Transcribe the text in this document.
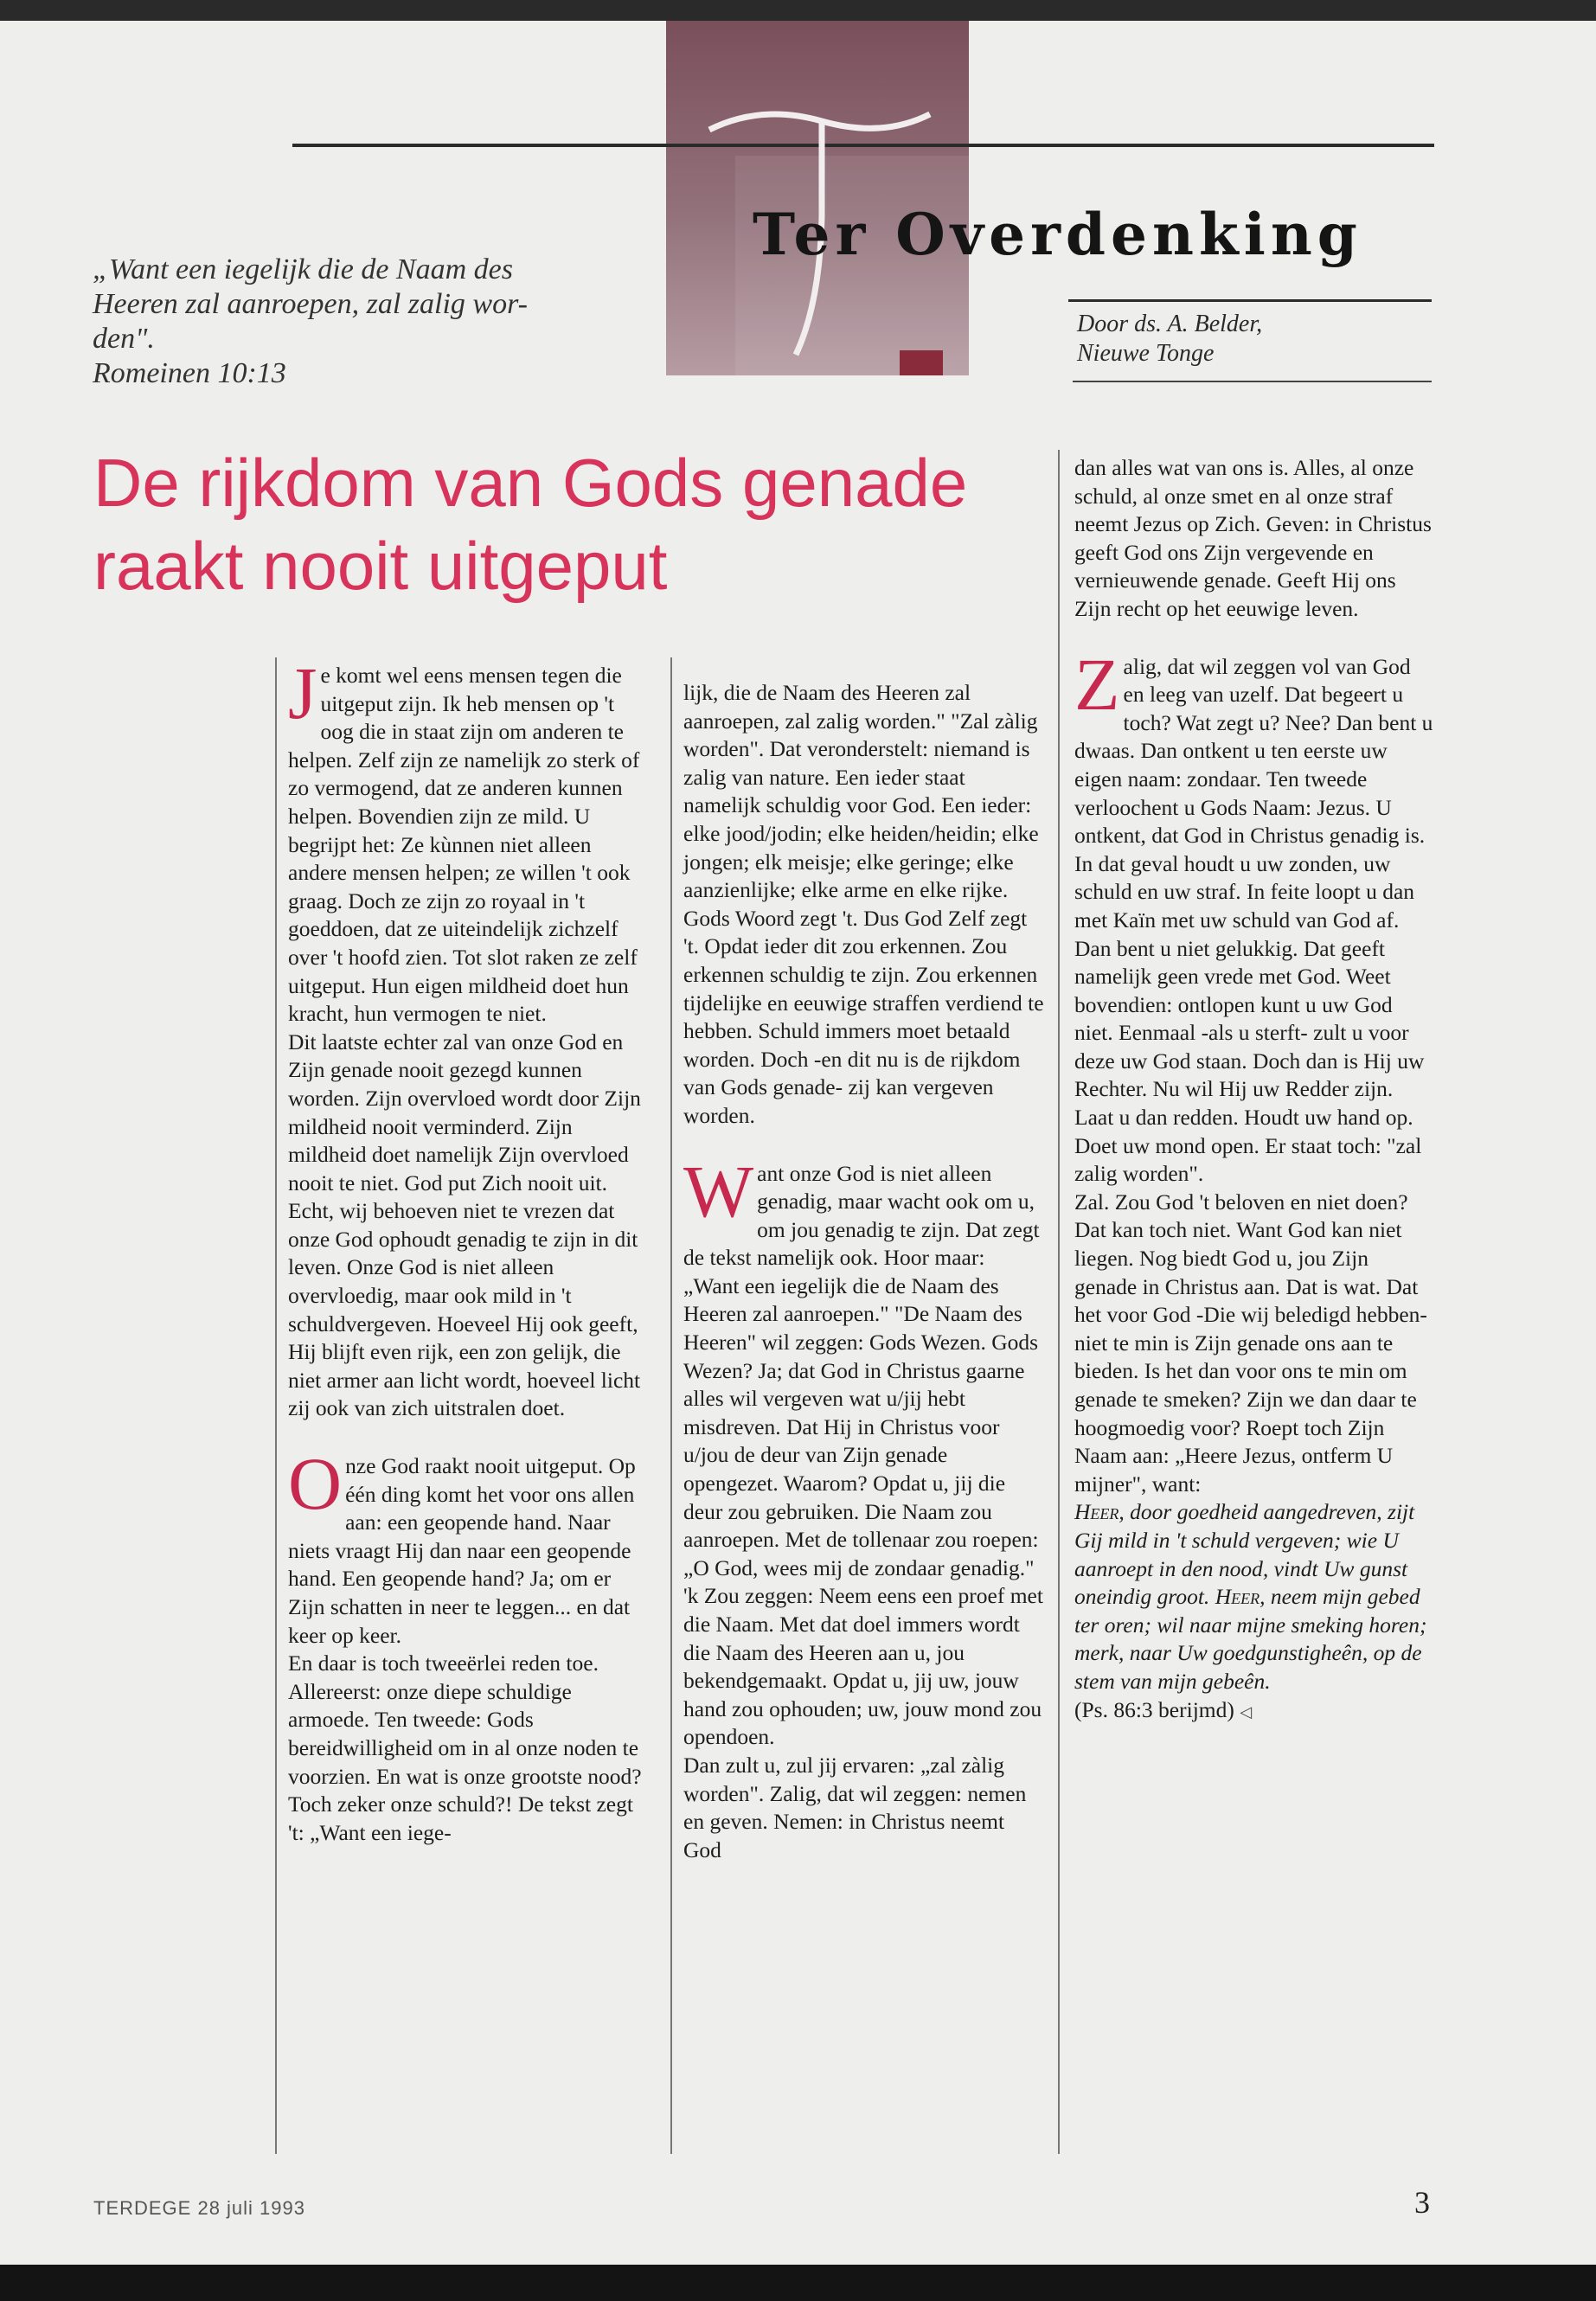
T
Ter Overdenking
„Want een iegelijk die de Naam des
Heeren zal aanroepen, zal zalig wor-
den".
Romeinen 10:13
Door ds. A. Belder,
Nieuwe Tonge
De rijkdom van Gods genade
raakt nooit uitgeput

Je komt wel eens mensen tegen die uitgeput zijn. Ik heb mensen op 't oog die in staat zijn om anderen te helpen. Zelf zijn ze namelijk zo sterk of zo vermogend, dat ze anderen kunnen helpen. Bovendien zijn ze mild. U begrijpt het: Ze kùnnen niet alleen andere mensen helpen; ze willen 't ook graag. Doch ze zijn zo royaal in 't goeddoen, dat ze uiteindelijk zichzelf over 't hoofd zien. Tot slot raken ze zelf uitgeput. Hun eigen mildheid doet hun kracht, hun vermogen te niet.

Dit laatste echter zal van onze God en Zijn genade nooit gezegd kunnen worden. Zijn overvloed wordt door Zijn mildheid nooit verminderd. Zijn mildheid doet namelijk Zijn overvloed nooit te niet. God put Zich nooit uit. Echt, wij behoeven niet te vrezen dat onze God ophoudt genadig te zijn in dit leven. Onze God is niet alleen overvloedig, maar ook mild in 't schuldvergeven. Hoeveel Hij ook geeft, Hij blijft even rijk, een zon gelijk, die niet armer aan licht wordt, hoeveel licht zij ook van zich uitstralen doet.

Onze God raakt nooit uitgeput. Op één ding komt het voor ons allen aan: een geopende hand. Naar niets vraagt Hij dan naar een geopende hand. Een geopende hand? Ja; om er Zijn schatten in neer te leggen... en dat keer op keer.

En daar is toch tweeërlei reden toe. Allereerst: onze diepe schuldige armoede. Ten tweede: Gods bereidwilligheid om in al onze noden te voorzien. En wat is onze grootste nood? Toch zeker onze schuld?! De tekst zegt 't: „Want een iege-

lijk, die de Naam des Heeren zal aanroepen, zal zalig worden." "Zal zàlig worden". Dat veronderstelt: niemand is zalig van nature. Een ieder staat namelijk schuldig voor God. Een ieder: elke jood/jodin; elke heiden/heidin; elke jongen; elk meisje; elke geringe; elke aanzienlijke; elke arme en elke rijke.

Gods Woord zegt 't. Dus God Zelf zegt 't. Opdat ieder dit zou erkennen. Zou erkennen schuldig te zijn. Zou erkennen tijdelijke en eeuwige straffen verdiend te hebben. Schuld immers moet betaald worden. Doch -en dit nu is de rijkdom van Gods genade- zij kan vergeven worden.

Want onze God is niet alleen genadig, maar wacht ook om u, om jou genadig te zijn. Dat zegt de tekst namelijk ook. Hoor maar: „Want een iegelijk die de Naam des Heeren zal aanroepen." "De Naam des Heeren" wil zeggen: Gods Wezen. Gods Wezen? Ja; dat God in Christus gaarne alles wil vergeven wat u/jij hebt misdreven. Dat Hij in Christus voor u/jou de deur van Zijn genade opengezet. Waarom? Opdat u, jij die deur zou gebruiken. Die Naam zou aanroepen. Met de tollenaar zou roepen: „O God, wees mij de zondaar genadig." 'k Zou zeggen: Neem eens een proef met die Naam. Met dat doel immers wordt die Naam des Heeren aan u, jou bekendgemaakt. Opdat u, jij uw, jouw hand zou ophouden; uw, jouw mond zou opendoen.

Dan zult u, zul jij ervaren: „zal zàlig worden". Zalig, dat wil zeggen: nemen en geven. Nemen: in Christus neemt God

dan alles wat van ons is. Alles, al onze schuld, al onze smet en al onze straf neemt Jezus op Zich. Geven: in Christus geeft God ons Zijn vergevende en vernieuwende genade. Geeft Hij ons Zijn recht op het eeuwige leven.

Zalig, dat wil zeggen vol van God en leeg van uzelf. Dat begeert u toch? Wat zegt u? Nee? Dan bent u dwaas. Dan ontkent u ten eerste uw eigen naam: zondaar. Ten tweede verloochent u Gods Naam: Jezus. U ontkent, dat God in Christus genadig is. In dat geval houdt u uw zonden, uw schuld en uw straf. In feite loopt u dan met Kaïn met uw schuld van God af. Dan bent u niet gelukkig. Dat geeft namelijk geen vrede met God. Weet bovendien: ontlopen kunt u uw God niet. Eenmaal -als u sterft- zult u voor deze uw God staan. Doch dan is Hij uw Rechter. Nu wil Hij uw Redder zijn. Laat u dan redden. Houdt uw hand op. Doet uw mond open. Er staat toch: "zal zalig worden".

Zal. Zou God 't beloven en niet doen? Dat kan toch niet. Want God kan niet liegen. Nog biedt God u, jou Zijn genade in Christus aan. Dat is wat. Dat het voor God -Die wij beledigd hebben- niet te min is Zijn genade ons aan te bieden. Is het dan voor ons te min om genade te smeken? Zijn we dan daar te hoogmoedig voor? Roept toch Zijn Naam aan: „Heere Jezus, ontferm U mijner", want:

Heer, door goedheid aangedreven, zijt Gij mild in 't schuld vergeven; wie U aanroept in den nood, vindt Uw gunst oneindig groot. Heer, neem mijn gebed ter oren; wil naar mijne smeking horen; merk, naar Uw goedgunstigheên, op de stem van mijn gebeên.

(Ps. 86:3 berijmd) ◁

TERDEGE 28 juli 1993	3
